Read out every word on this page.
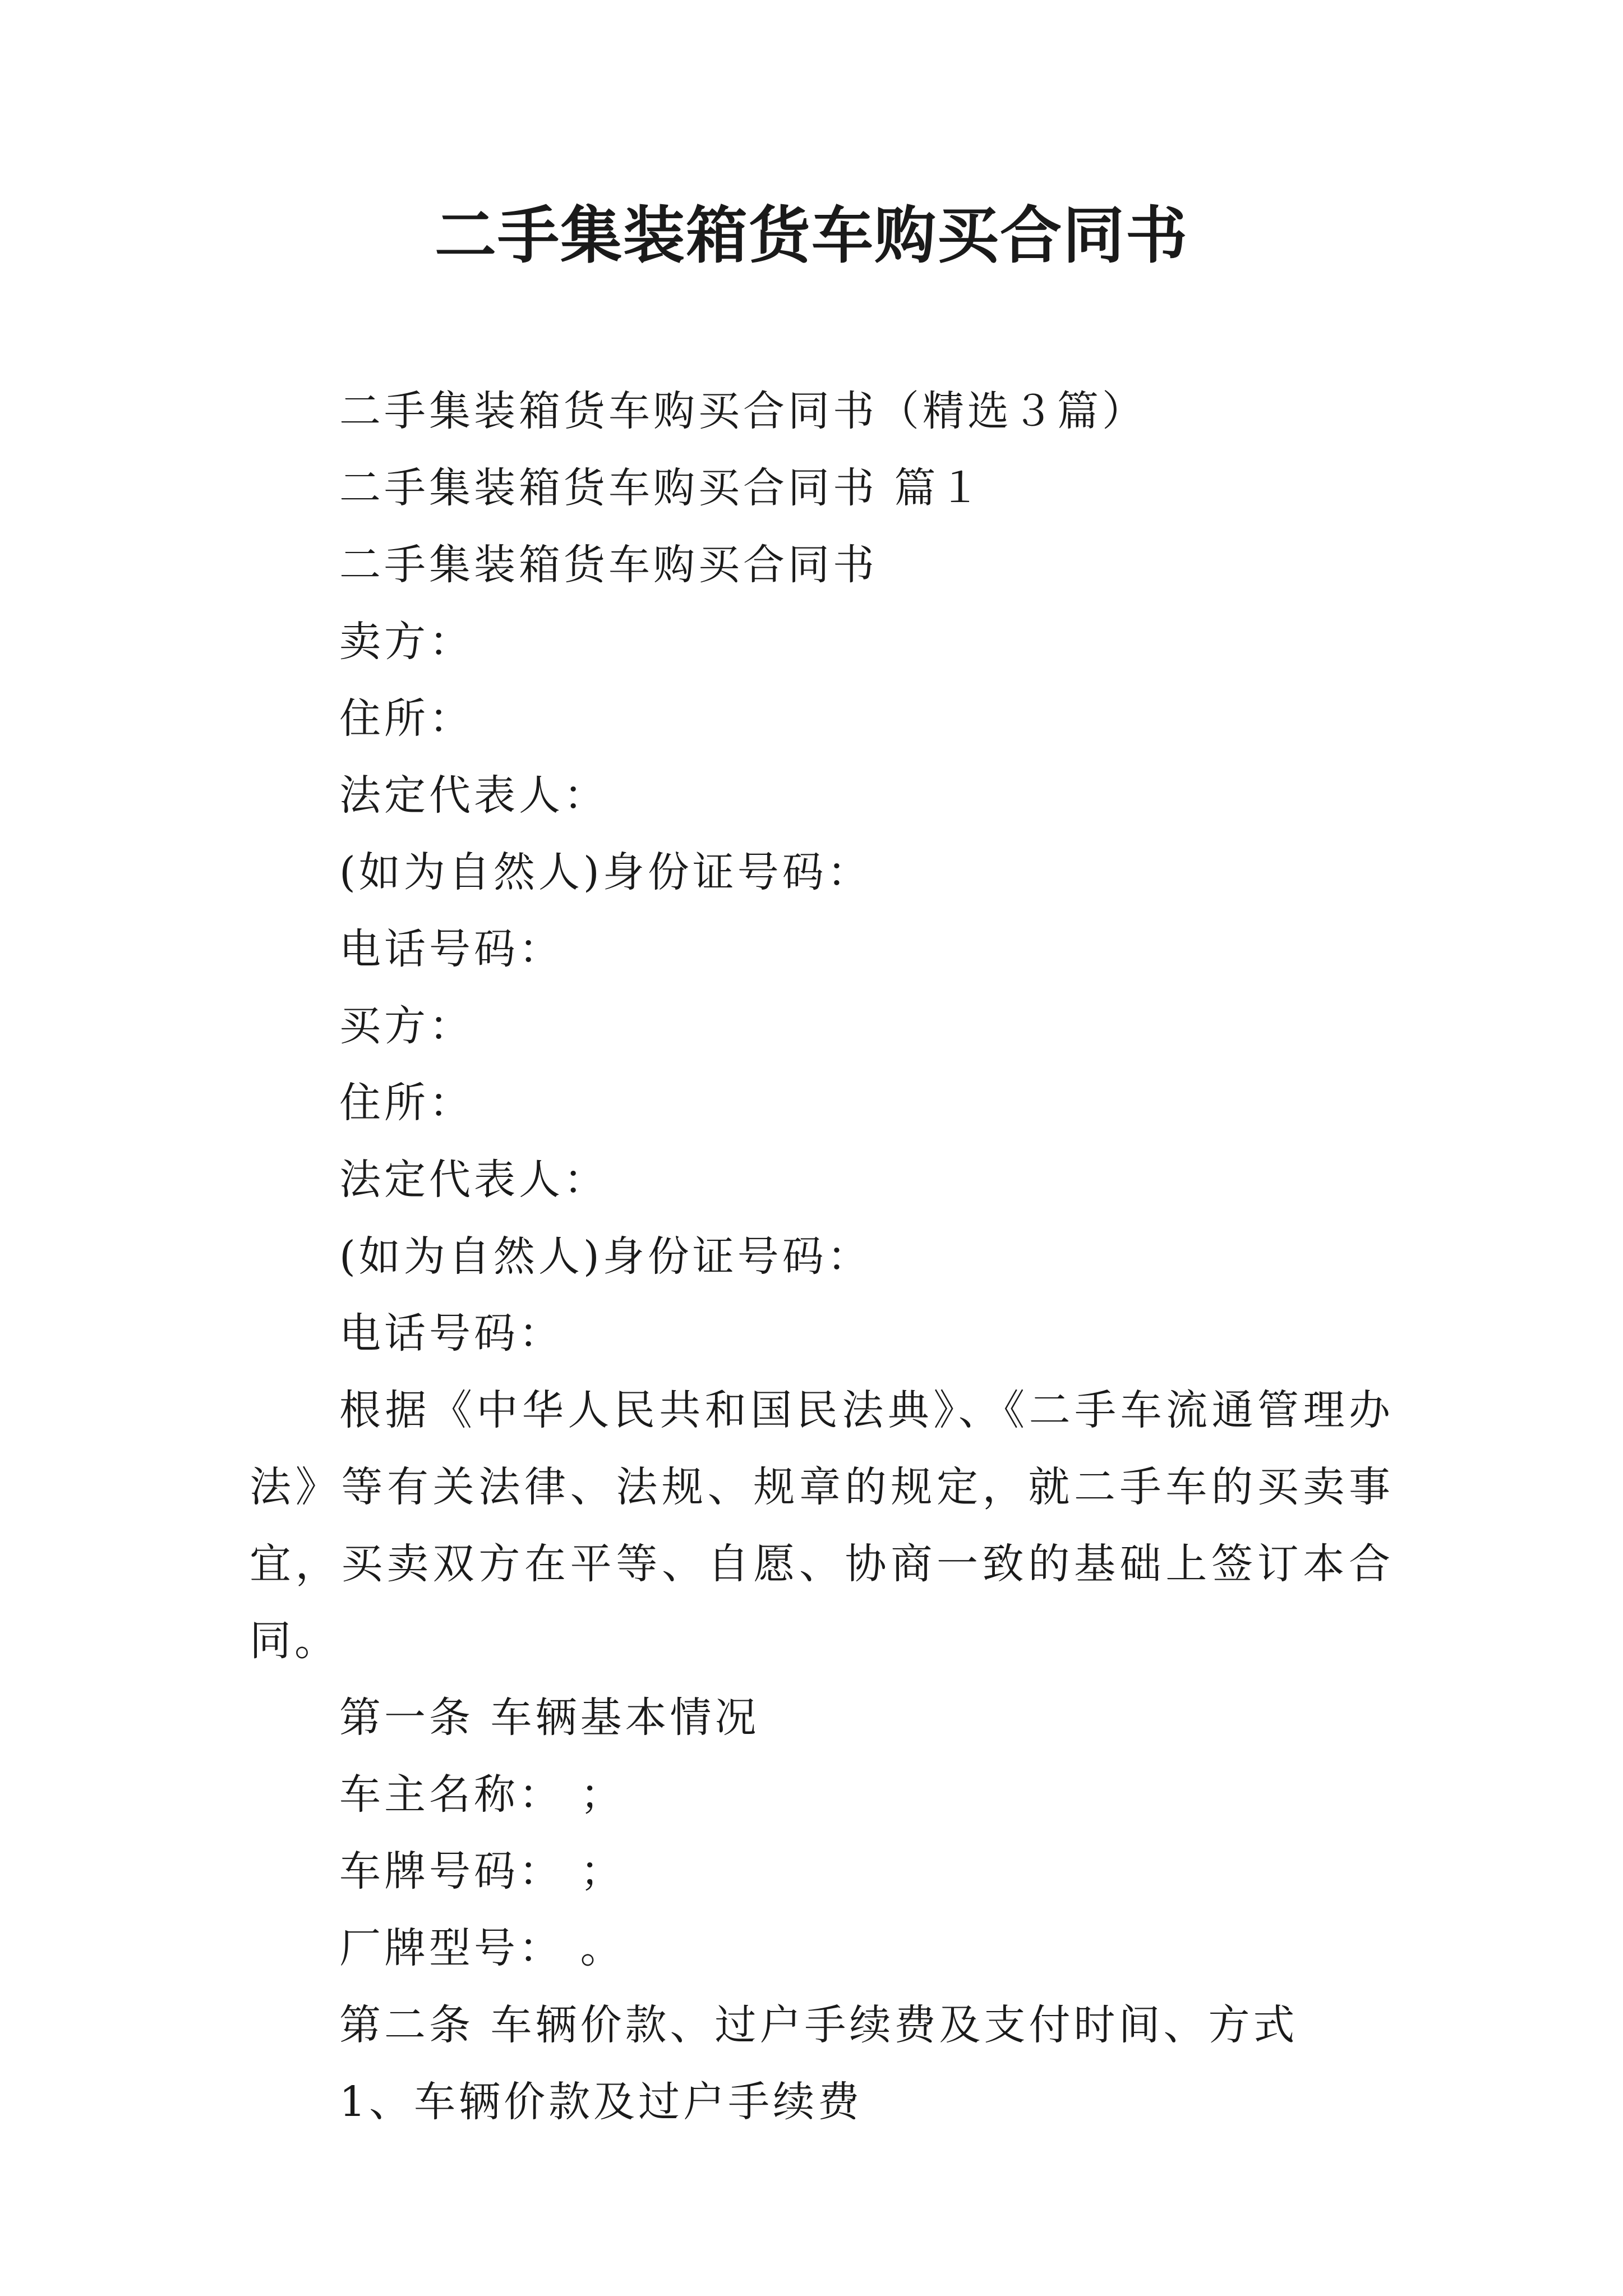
二手集装箱货车购买合同书
二手集装箱货车购买合同书（精选３篇）
二手集装箱货车购买合同书 篇１
二手集装箱货车购买合同书
卖方：
住所：
法定代表人：
(如为自然人)身份证号码：
电话号码：
买方：
住所：
法定代表人：
(如为自然人)身份证号码：
电话号码：
根据《中华人民共和国民法典》、《二手车流通管理办法》等有关法律、法规、规章的规定，就二手车的买卖事宜，买卖双方在平等、自愿、协商一致的基础上签订本合同。
第一条 车辆基本情况
车主名称： ；
车牌号码： ；
厂牌型号： 。
第二条 车辆价款、过户手续费及支付时间、方式
1、车辆价款及过户手续费
